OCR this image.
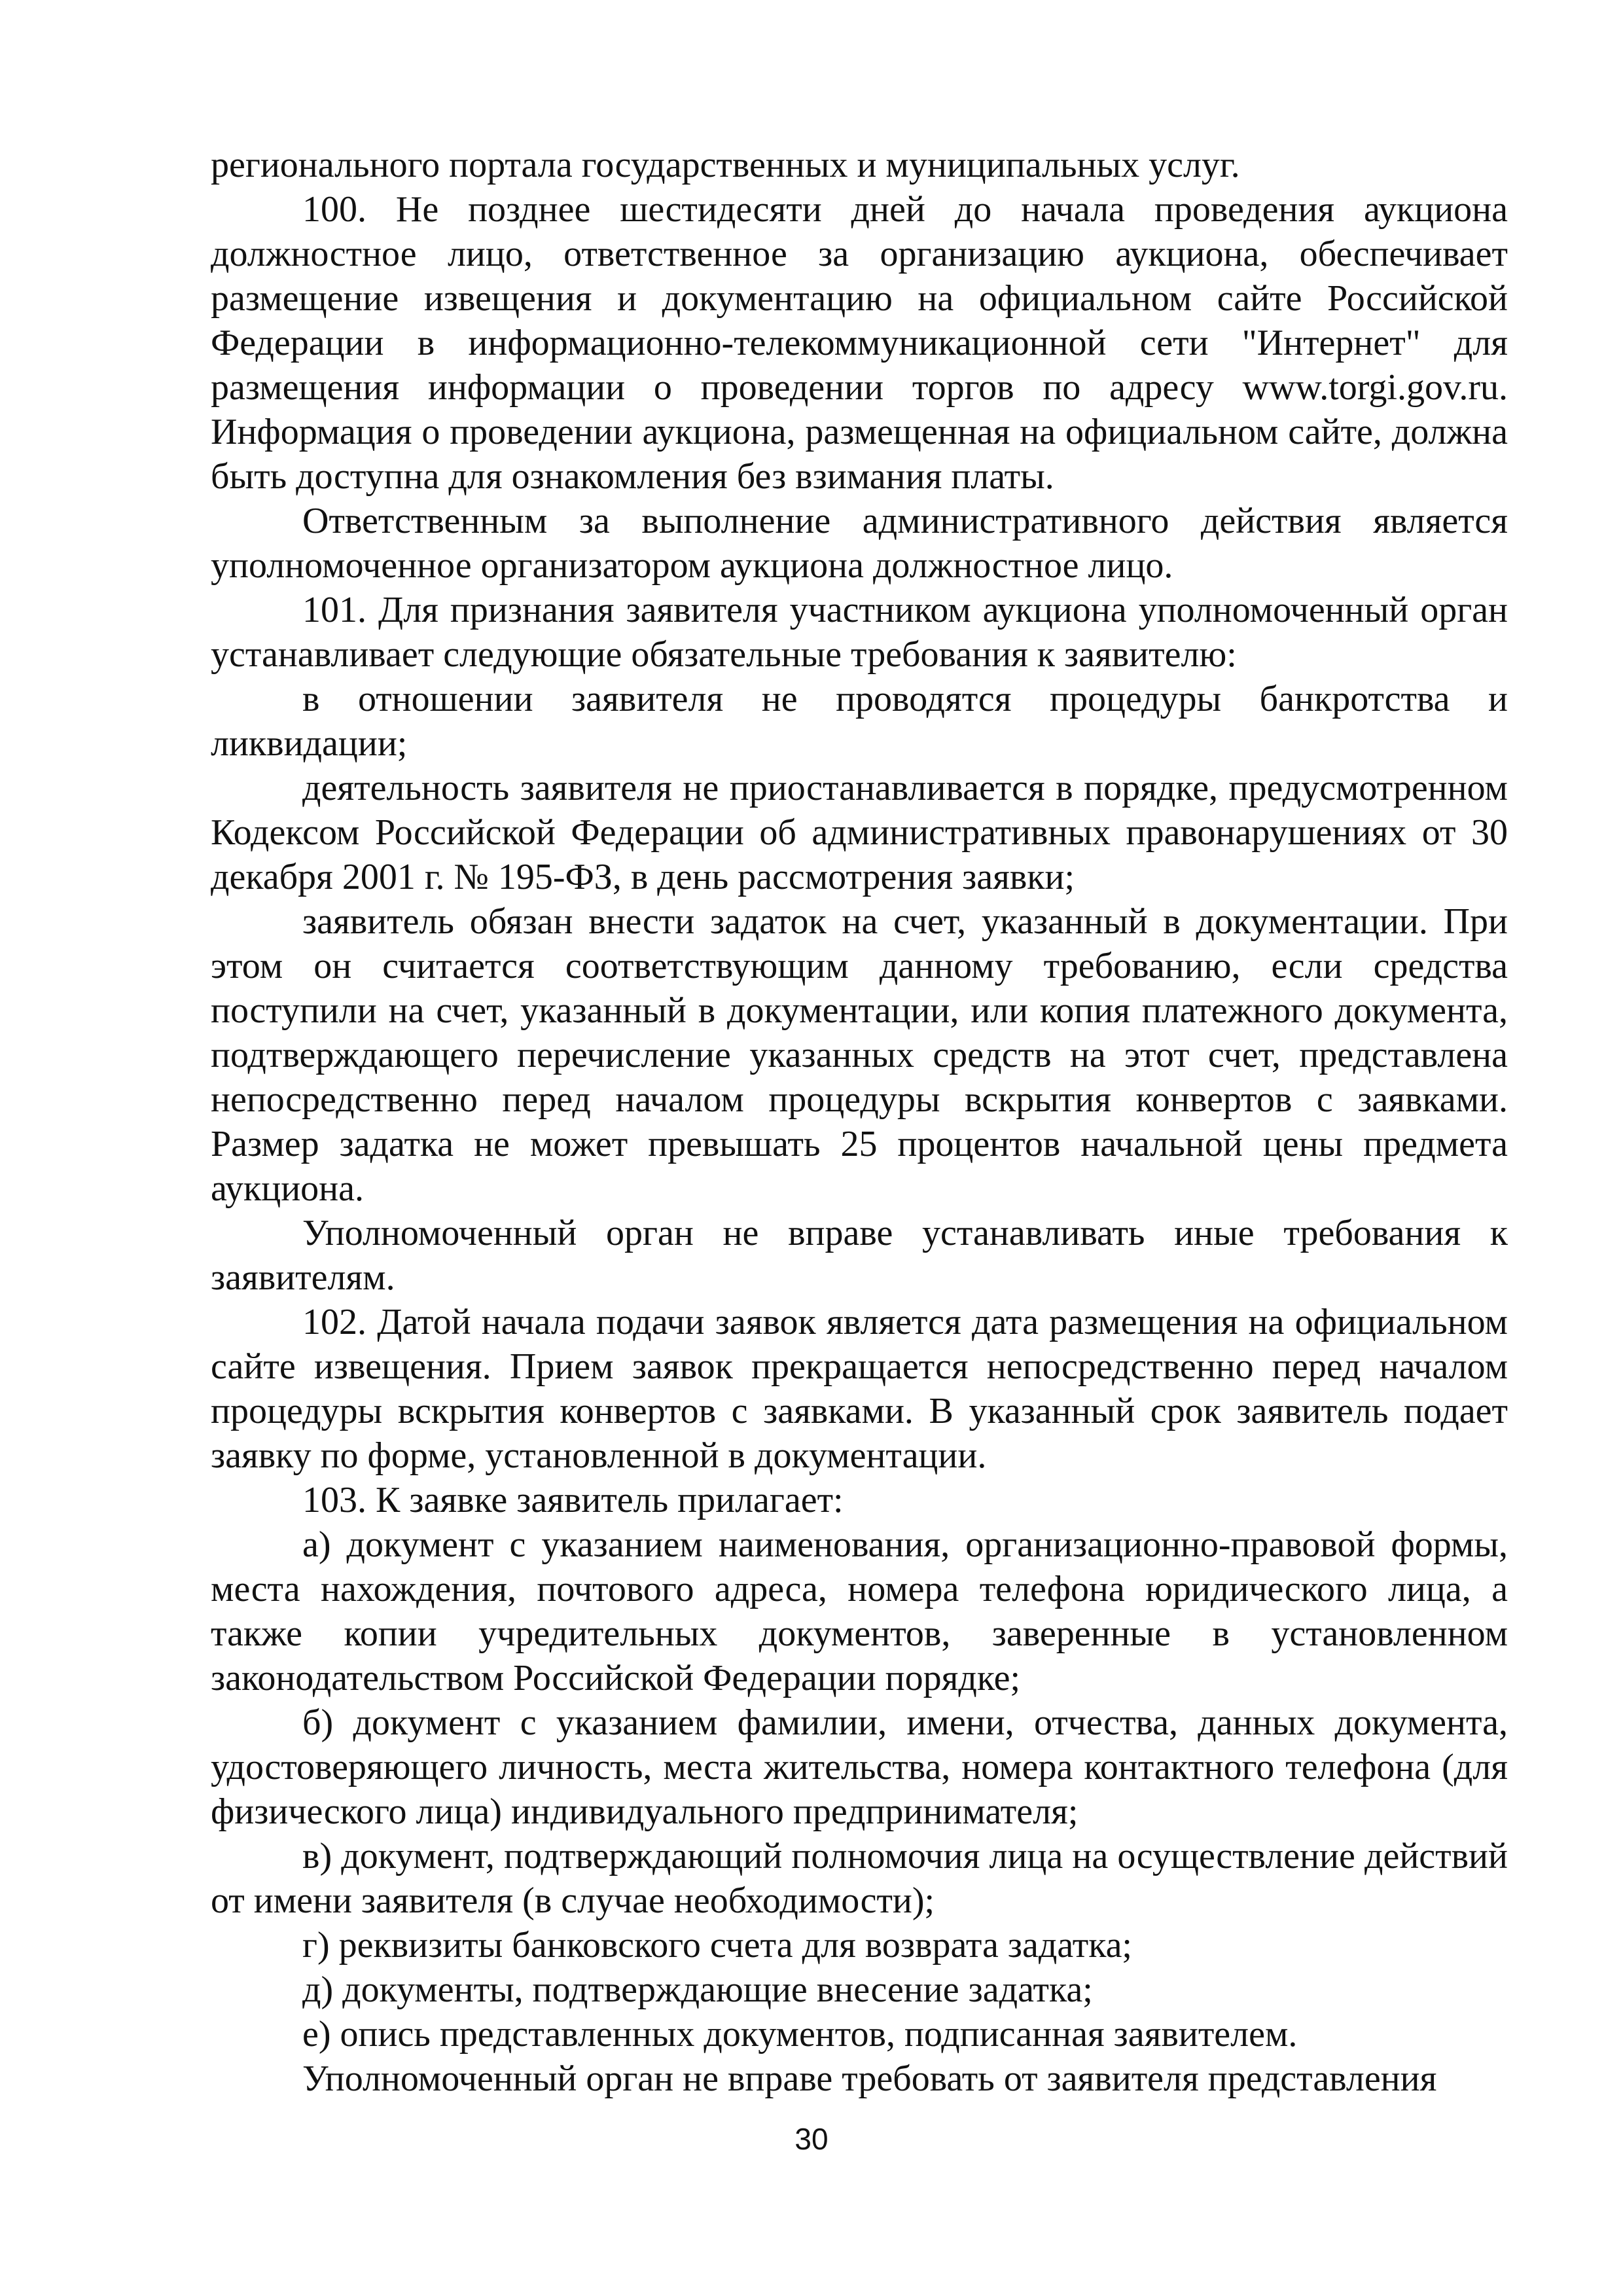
регионального портала государственных и муниципальных услуг.

100. Не позднее шестидесяти дней до начала проведения аукциона должностное лицо, ответственное за организацию аукциона, обеспечивает размещение извещения и документацию на официальном сайте Российской Федерации в информационно-телекоммуникационной сети "Интернет" для размещения информации о проведении торгов по адресу www.torgi.gov.ru. Информация о проведении аукциона, размещенная на официальном сайте, должна быть доступна для ознакомления без взимания платы.

Ответственным за выполнение административного действия является уполномоченное организатором аукциона должностное лицо.

101. Для признания заявителя участником аукциона уполномоченный орган устанавливает следующие обязательные требования к заявителю:

в отношении заявителя не проводятся процедуры банкротства и ликвидации;

деятельность заявителя не приостанавливается в порядке, предусмотренном Кодексом Российской Федерации об административных правонарушениях от 30 декабря 2001 г. № 195-ФЗ, в день рассмотрения заявки;

заявитель обязан внести задаток на счет, указанный в документации. При этом он считается соответствующим данному требованию, если средства поступили на счет, указанный в документации, или копия платежного документа, подтверждающего перечисление указанных средств на этот счет, представлена непосредственно перед началом процедуры вскрытия конвертов с заявками. Размер задатка не может превышать 25 процентов начальной цены предмета аукциона.

Уполномоченный орган не вправе устанавливать иные требования к заявителям.

102. Датой начала подачи заявок является дата размещения на официальном сайте извещения. Прием заявок прекращается непосредственно перед началом процедуры вскрытия конвертов с заявками. В указанный срок заявитель подает заявку по форме, установленной в документации.

103. К заявке заявитель прилагает:

а) документ с указанием наименования, организационно-правовой формы, места нахождения, почтового адреса, номера телефона юридического лица, а также копии учредительных документов, заверенные в установленном законодательством Российской Федерации порядке;

б) документ с указанием фамилии, имени, отчества, данных документа, удостоверяющего личность, места жительства, номера контактного телефона (для физического лица) индивидуального предпринимателя;

в) документ, подтверждающий полномочия лица на осуществление действий от имени заявителя (в случае необходимости);

г) реквизиты банковского счета для возврата задатка;

д) документы, подтверждающие внесение задатка;

е) опись представленных документов, подписанная заявителем.

Уполномоченный орган не вправе требовать от заявителя представления

30
